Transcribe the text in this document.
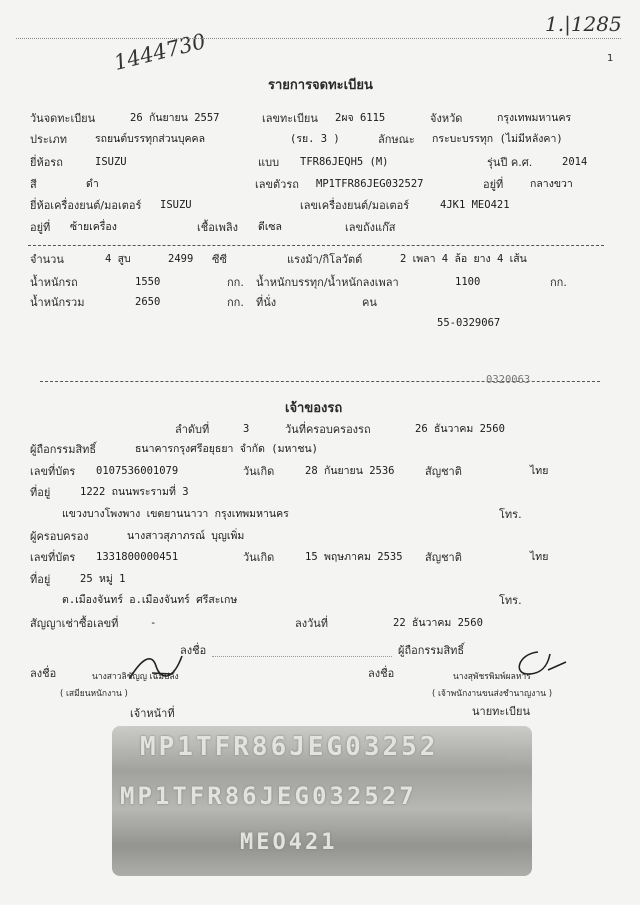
1.|1285
1
1444730
รายการจดทะเบียน
วันจดทะเบียน	26 กันยายน 2557	เลขทะเบียน 2ผจ 6115	จังหวัด	กรุงเทพมหานคร
ประเภท	รถยนต์บรรทุกส่วนบุคคล	(รย. 3 )	ลักษณะ กระบะบรรทุก (ไม่มีหลังคา)
ยี่ห้อรถ	ISUZU	แบบ TFR86JEQH5 (M)	รุ่นปี ค.ศ.	2014
สี	ดำ	เลขตัวรถ MP1TFR86JEG032527	อยู่ที่	กลางขวา
ยี่ห้อเครื่องยนต์/มอเตอร์ ISUZU	เลขเครื่องยนต์/มอเตอร์	4JK1 MEO421
อยู่ที่ ซ้ายเครื่อง	เชื้อเพลิง ดีเซล	เลขถังแก๊ส
จำนวน	4 สูบ	2499 ซีซี	แรงม้า/กิโลวัตต์	2 เพลา 4 ล้อ ยาง 4 เส้น
น้ำหนักรถ	1550	กก. น้ำหนักบรรทุก/น้ำหนักลงเพลา	1100	กก.
น้ำหนักรวม	2650	กก. ที่นั่ง	คน
55-0329067
0320063
เจ้าของรถ
ลำดับที่	3	วันที่ครอบครองรถ	26 ธันวาคม 2560
ผู้ถือกรรมสิทธิ์	ธนาคารกรุงศรีอยุธยา จำกัด (มหาชน)
เลขที่บัตร 0107536001079	วันเกิด	28 กันยายน 2536	สัญชาติ	ไทย
ที่อยู่	1222 ถนนพระรามที่ 3
แขวงบางโพงพาง เขตยานนาวา กรุงเทพมหานคร	โทร.
ผู้ครอบครอง	นางสาวสุภาภรณ์ บุญเพิ่ม
เลขที่บัตร 1331800000451	วันเกิด	15 พฤษภาคม 2535 สัญชาติ	ไทย
ที่อยู่	25 หมู่ 1
ต.เมืองจันทร์ อ.เมืองจันทร์ ศรีสะเกษ	โทร.
สัญญาเช่าซื้อเลขที่	-	ลงวันที่	22 ธันวาคม 2560
ลงชื่อ	ผู้ถือกรรมสิทธิ์
ลงชื่อ	ลงชื่อ
นางสาวลิชัญญ เฉมปลั่ง	นางสุพัชรพิมพ์ผลหาร
( เสมียนหนักงาน )	( เจ้าพนักงานขนส่งชำนาญงาน )
เจ้าหน้าที่	นายทะเบียน
MP1TFR86JEG03252
MP1TFR86JEG032527
MEO421
